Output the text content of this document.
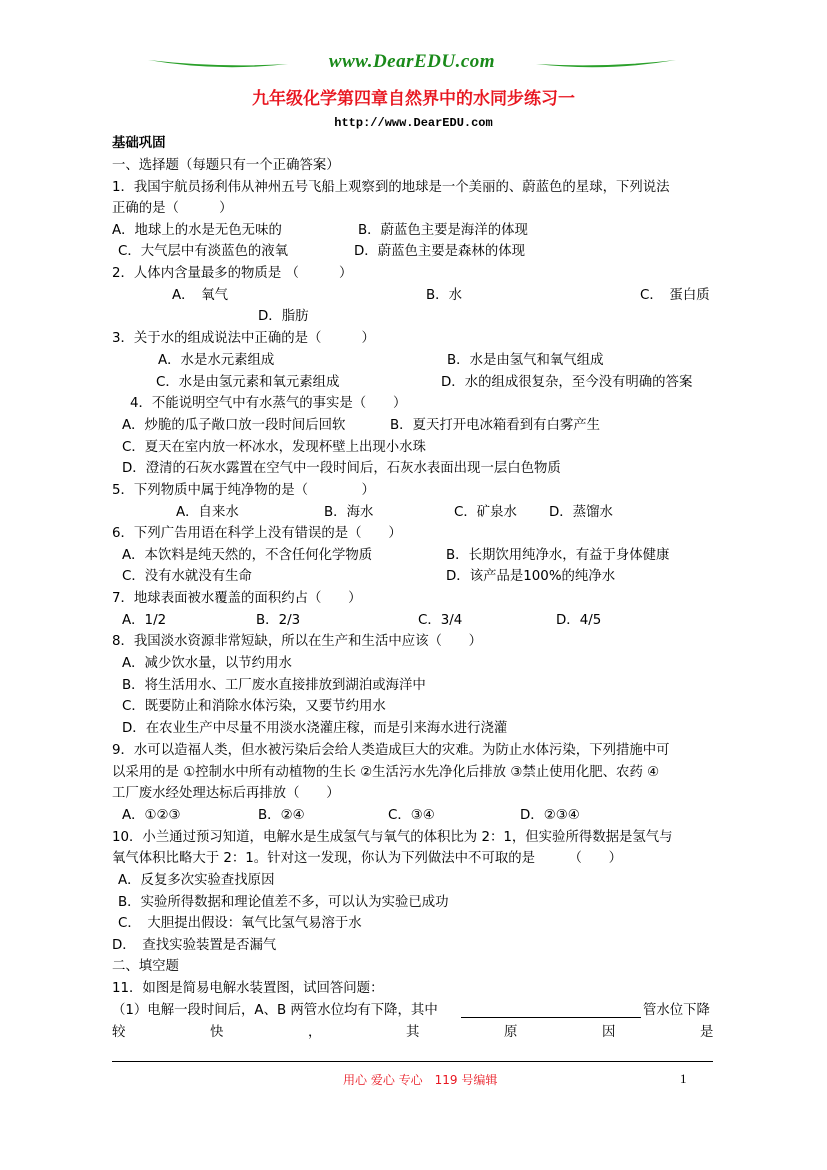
www.DearEDU.com
九年级化学第四章自然界中的水同步练习一
http://www.DearEDU.com
基础巩固
一、选择题（每题只有一个正确答案）
1．我国宇航员扬利伟从神州五号飞船上观察到的地球是一个美丽的、蔚蓝色的星球，下列说法
正确的是（　　　）
A．地球上的水是无色无味的	B．蔚蓝色主要是海洋的体现
C．大气层中有淡蓝色的液氧	D．蔚蓝色主要是森林的体现
2．人体内含量最多的物质是 （　　　）
A．　氧气	B．水	C．　蛋白质
D．脂肪
3．关于水的组成说法中正确的是（　　　）
A．水是水元素组成	B．水是由氢气和氧气组成
C．水是由氢元素和氧元素组成	D．水的组成很复杂，至今没有明确的答案
4．不能说明空气中有水蒸气的事实是（　　）
A．炒脆的瓜子敞口放一段时间后回软	B．夏天打开电冰箱看到有白雾产生
C．夏天在室内放一杯冰水，发现杯壁上出现小水珠
D．澄清的石灰水露置在空气中一段时间后，石灰水表面出现一层白色物质
5．下列物质中属于纯净物的是（　　　　）
A．自来水	B．海水	C．矿泉水 D．蒸馏水
6．下列广告用语在科学上没有错误的是（　　）
A．本饮料是纯天然的，不含任何化学物质	B．长期饮用纯净水，有益于身体健康
C．没有水就没有生命	D．该产品是100%的纯净水
7．地球表面被水覆盖的面积约占（　　）
A．1/2	B．2/3	C．3/4	D．4/5
8．我国淡水资源非常短缺，所以在生产和生活中应该（　　）
A．减少饮水量，以节约用水
B．将生活用水、工厂废水直接排放到湖泊或海洋中
C．既要防止和消除水体污染，又要节约用水
D．在农业生产中尽量不用淡水浇灌庄稼，而是引来海水进行浇灌
9．水可以造福人类，但水被污染后会给人类造成巨大的灾难。为防止水体污染，下列措施中可
以采用的是 ①控制水中所有动植物的生长 ②生活污水先净化后排放 ③禁止使用化肥、农药 ④
工厂废水经处理达标后再排放（　　）
A．①②③	B．②④	C．③④	D．②③④
10．小兰通过预习知道，电解水是生成氢气与氧气的体积比为 2：1，但实验所得数据是氢气与
氧气体积比略大于 2：1。针对这一发现，你认为下列做法中不可取的是　　　（　　）
A．反复多次实验查找原因
B．实验所得数据和理论值差不多，可以认为实验已成功
C．　大胆提出假设：氧气比氢气易溶于水
D．　查找实验装置是否漏气
二、填空题
11．如图是简易电解水装置图，试回答问题：
（1）电解一段时间后，A、B 两管水位均有下降，其中	管水位下降
较	快	，	其	原	因	是
用心 爱心 专心　119 号编辑	1
